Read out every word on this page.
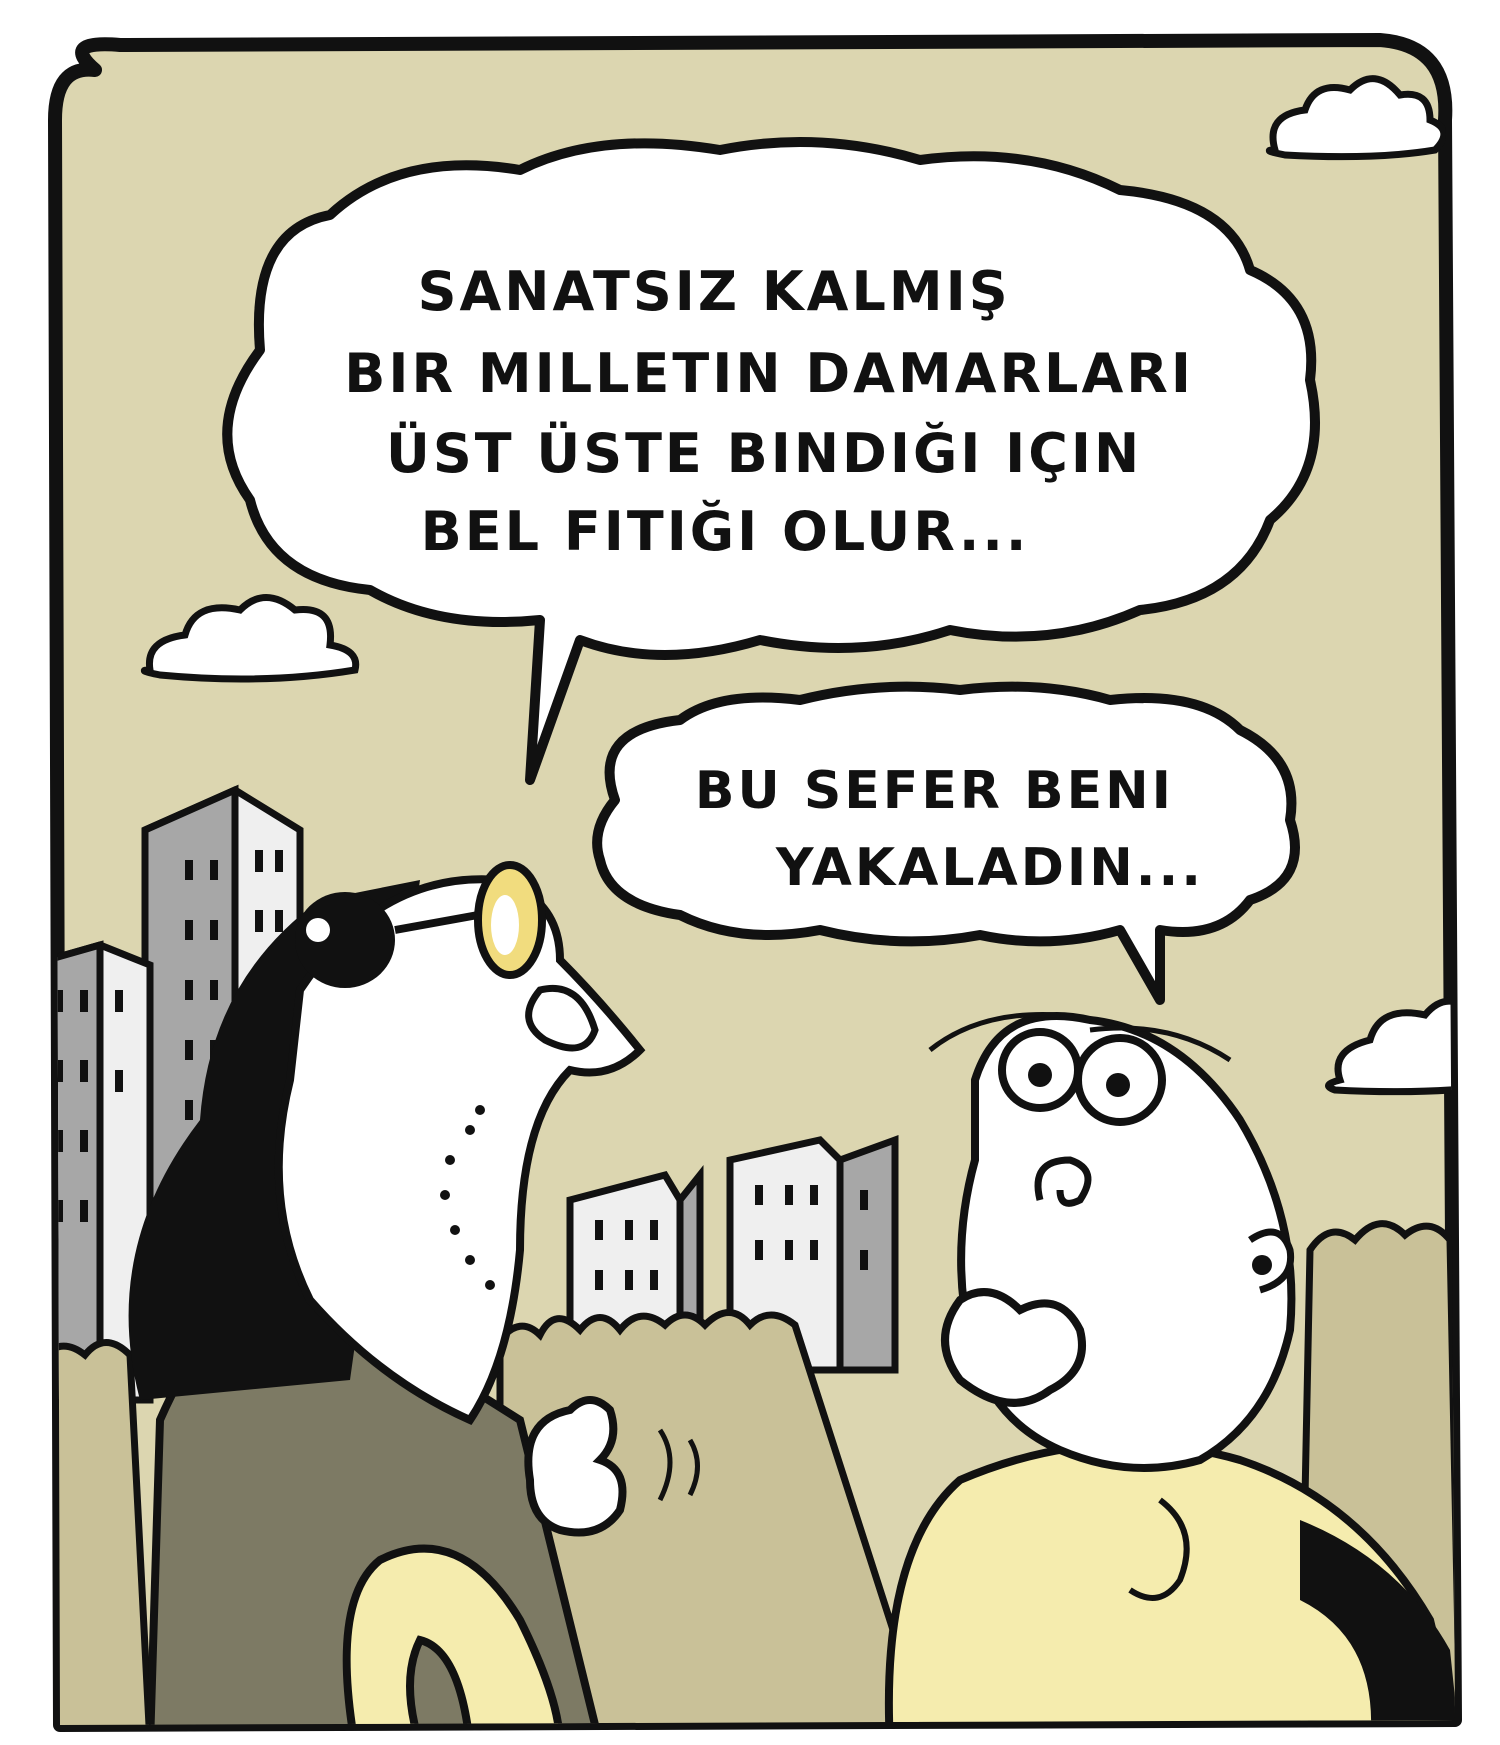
SANATSIZ KALMIŞ BIR MILLETIN DAMARLARI ÜST ÜSTE BINDIĞI IÇIN BEL FITIĞI OLUR...
BU SEFER BENI YAKALADIN...
